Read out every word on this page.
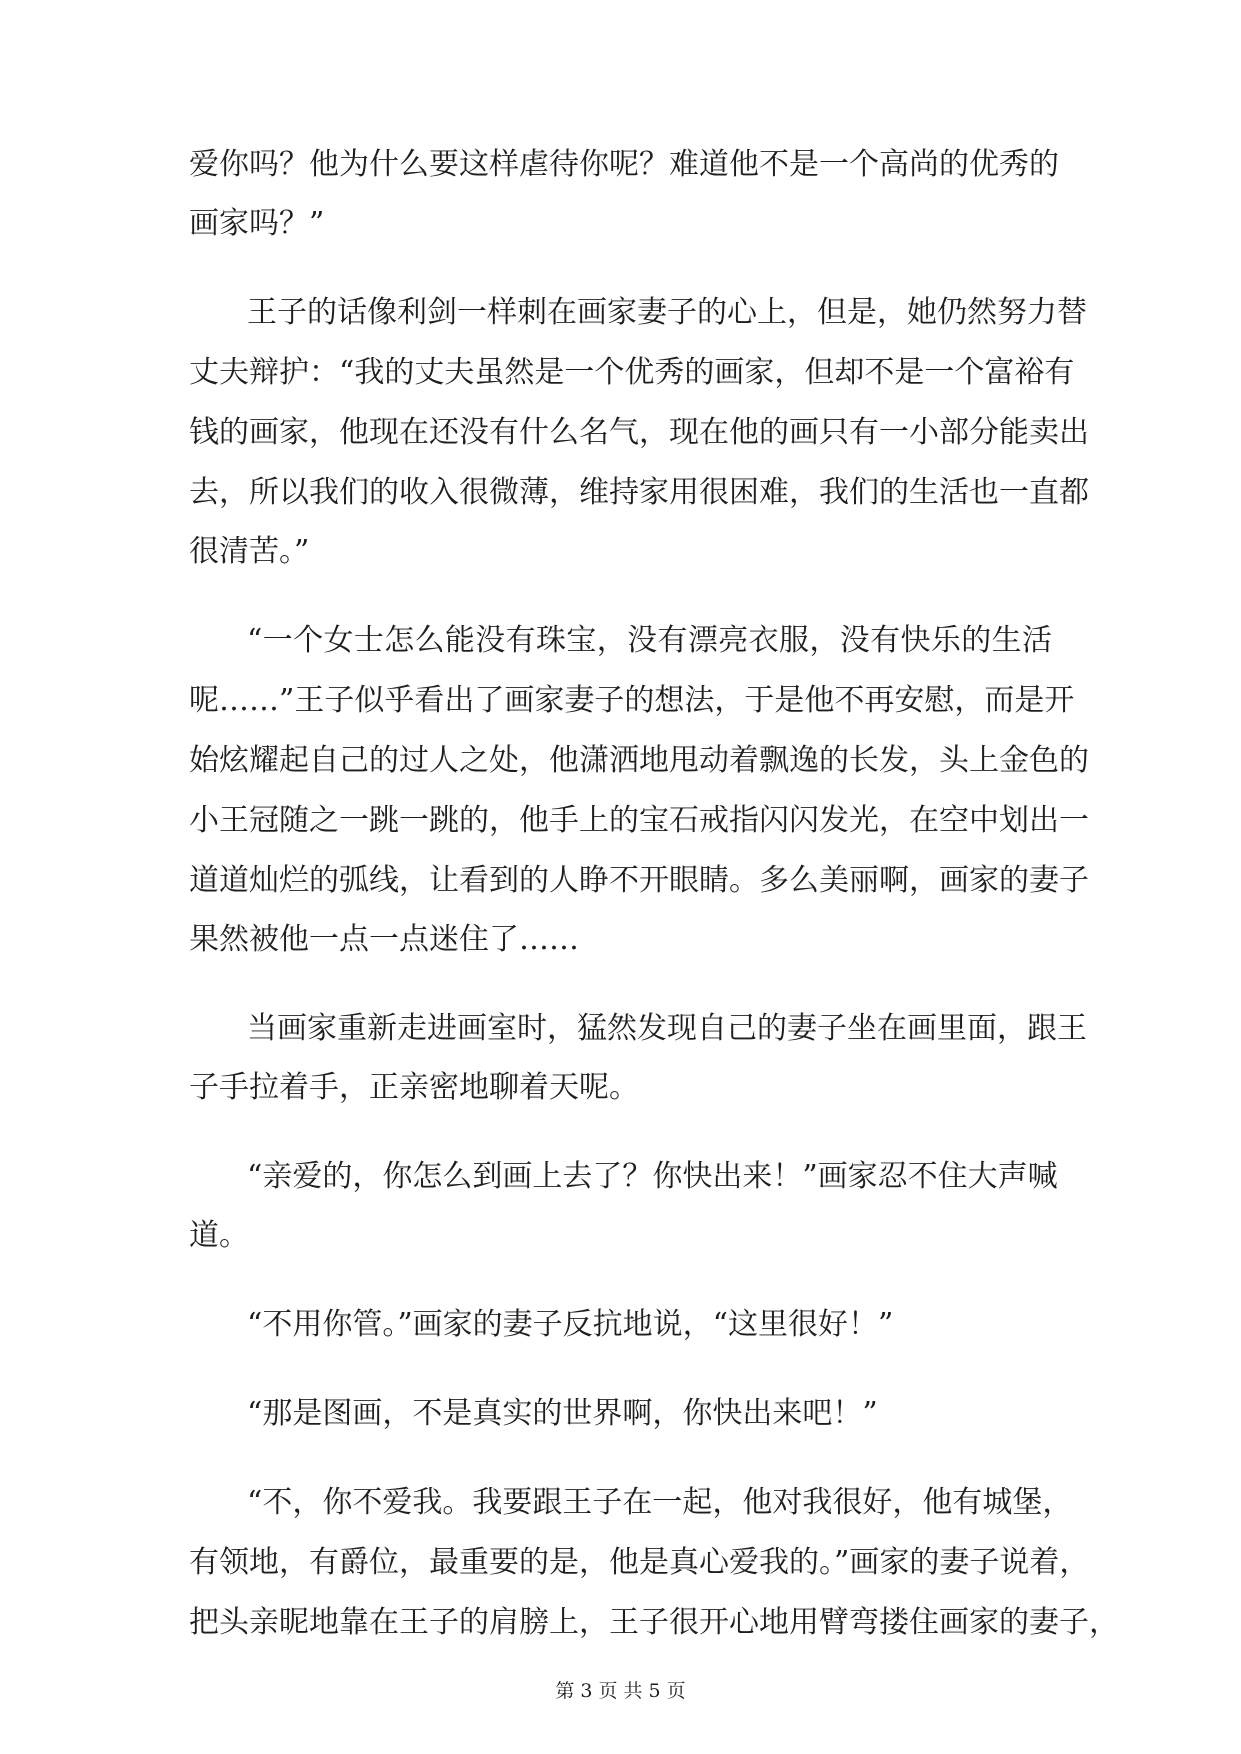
爱你吗？他为什么要这样虐待你呢？难道他不是一个高尚的优秀的
画家吗？”
王子的话像利剑一样刺在画家妻子的心上，但是，她仍然努力替
丈夫辩护：“我的丈夫虽然是一个优秀的画家，但却不是一个富裕有
钱的画家，他现在还没有什么名气，现在他的画只有一小部分能卖出
去，所以我们的收入很微薄，维持家用很困难，我们的生活也一直都
很清苦。”
“一个女士怎么能没有珠宝，没有漂亮衣服，没有快乐的生活
呢……”王子似乎看出了画家妻子的想法，于是他不再安慰，而是开
始炫耀起自己的过人之处，他潇洒地甩动着飘逸的长发，头上金色的
小王冠随之一跳一跳的，他手上的宝石戒指闪闪发光，在空中划出一
道道灿烂的弧线，让看到的人睁不开眼睛。多么美丽啊，画家的妻子
果然被他一点一点迷住了……
当画家重新走进画室时，猛然发现自己的妻子坐在画里面，跟王
子手拉着手，正亲密地聊着天呢。
“亲爱的，你怎么到画上去了？你快出来！”画家忍不住大声喊
道。
“不用你管。”画家的妻子反抗地说，“这里很好！”
“那是图画，不是真实的世界啊，你快出来吧！”
“不，你不爱我。我要跟王子在一起，他对我很好，他有城堡，
有领地，有爵位，最重要的是，他是真心爱我的。”画家的妻子说着，
把头亲昵地靠在王子的肩膀上，王子很开心地用臂弯搂住画家的妻子，
第 3 页 共 5 页
